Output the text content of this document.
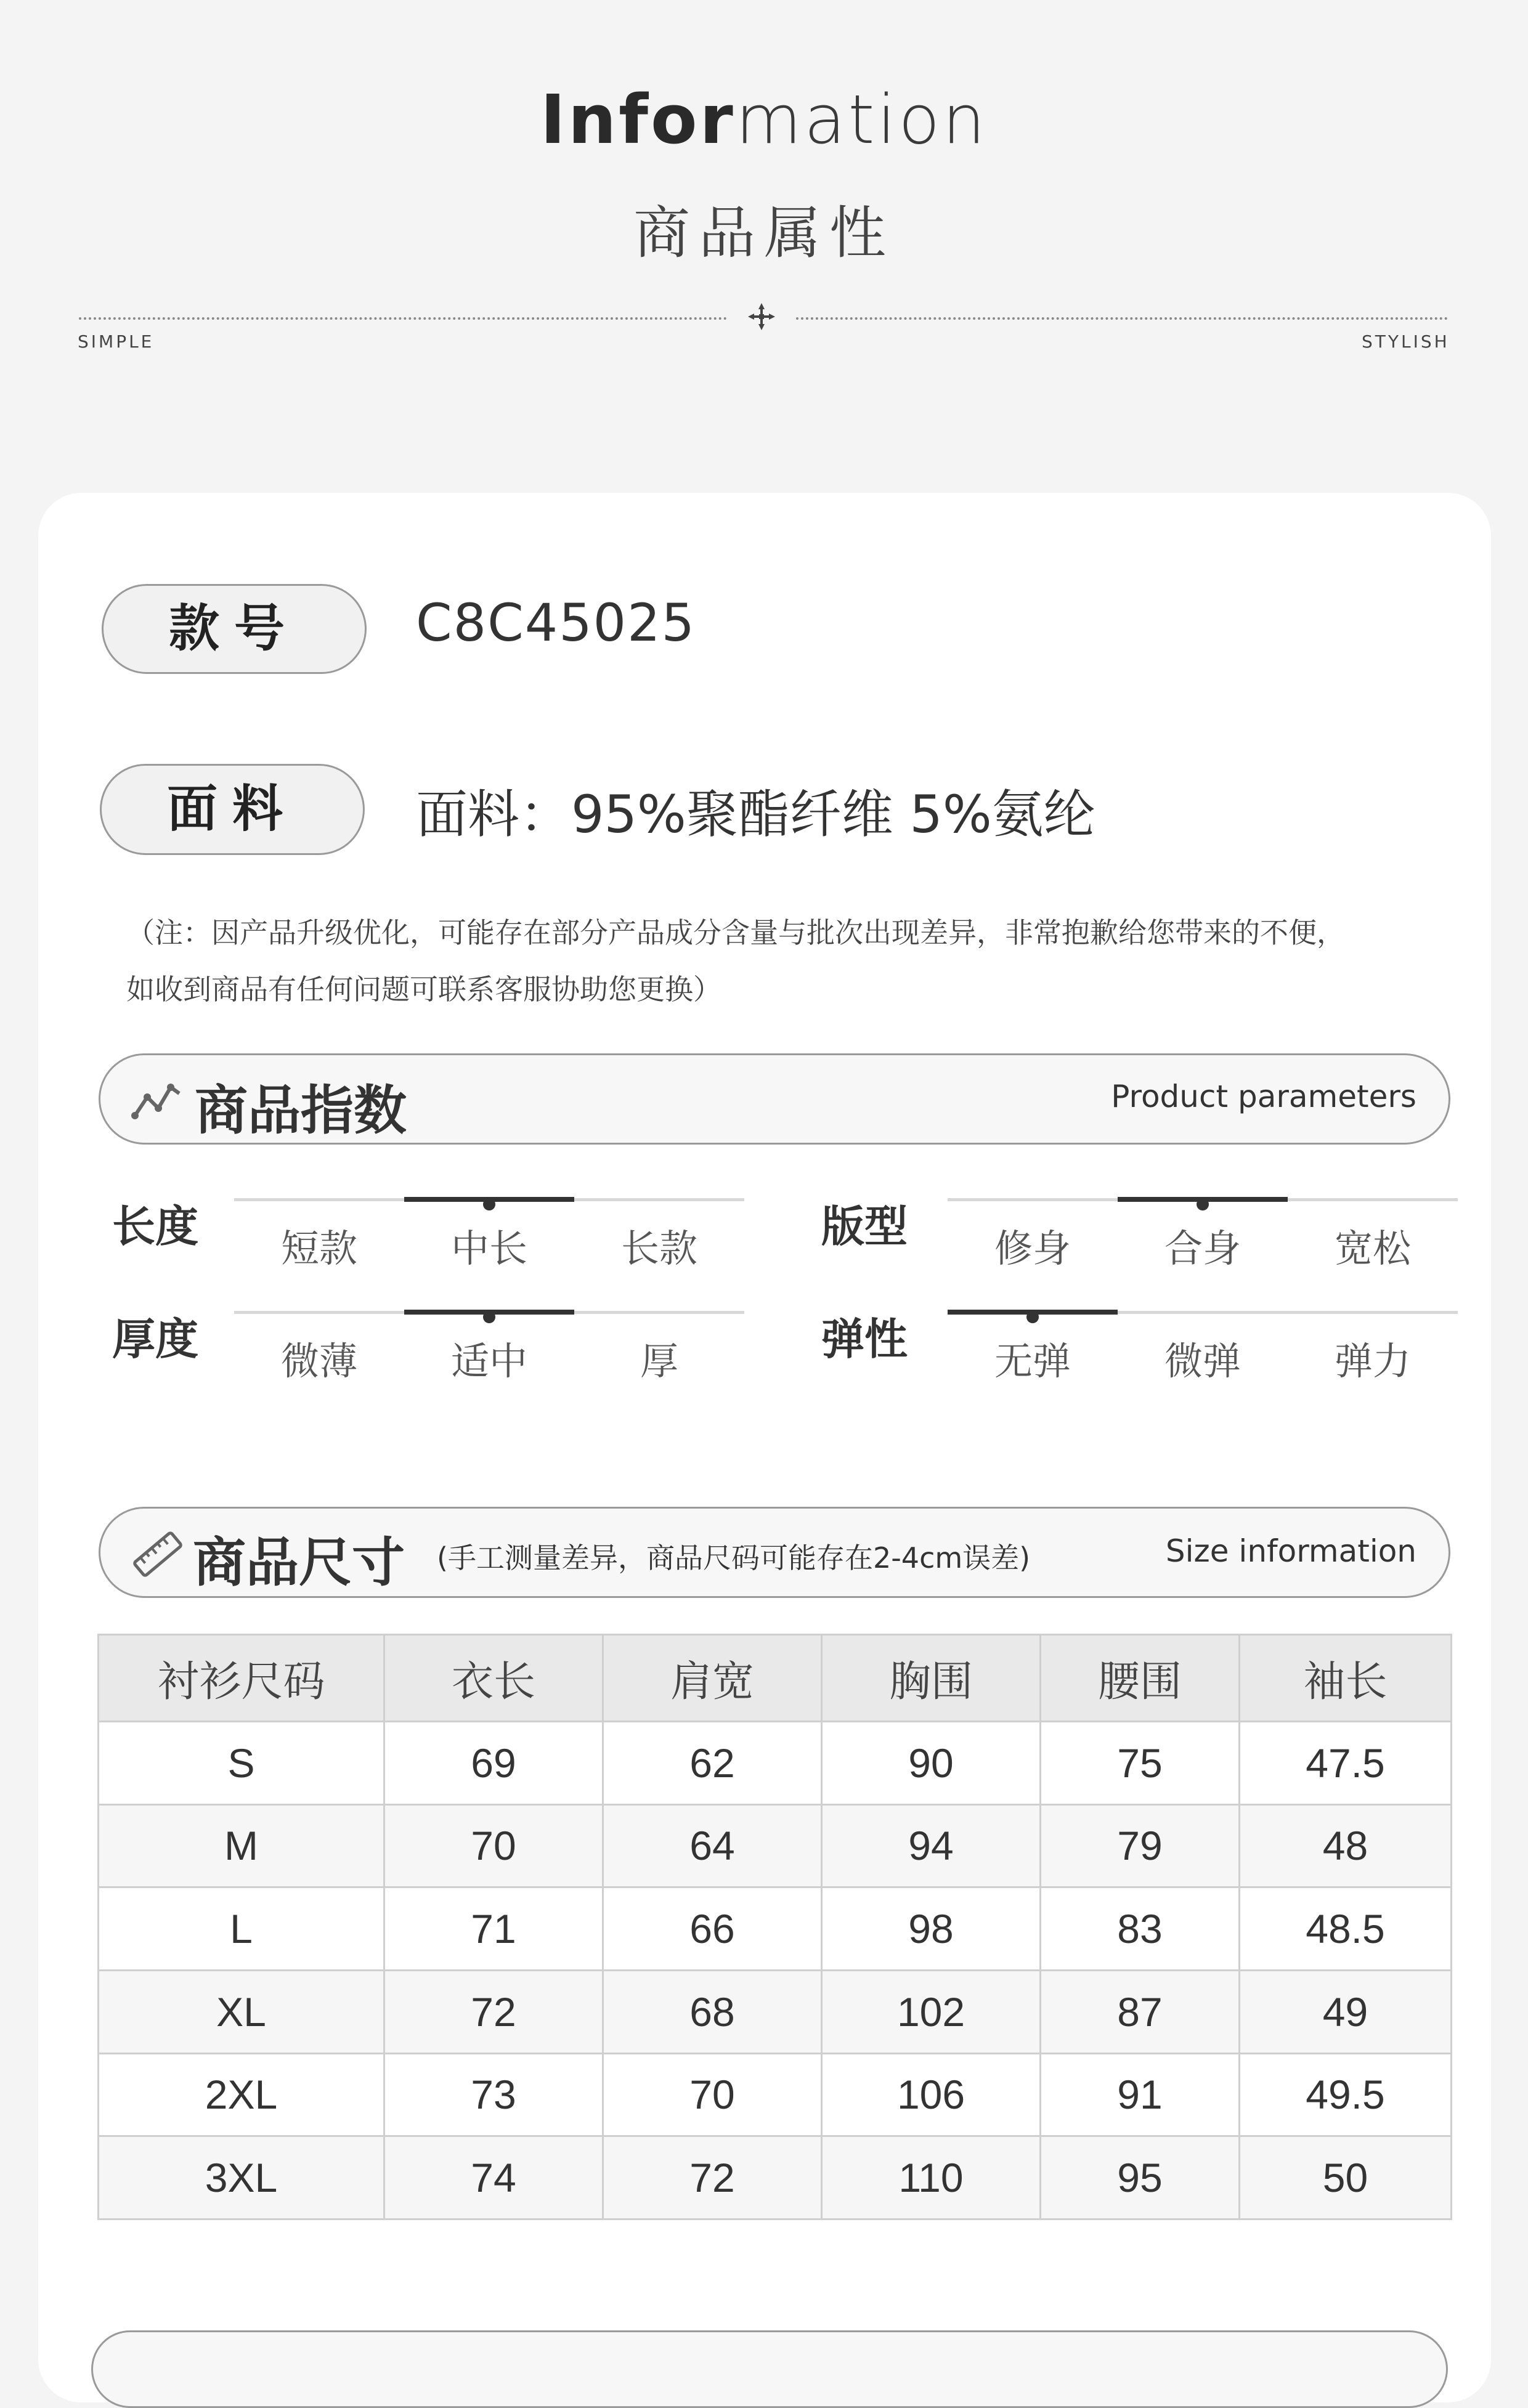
Information
商品属性
SIMPLE	STYLISH
款号	C8C45025
面料	面料：95%聚酯纤维 5%氨纶
（注：因产品升级优化，可能存在部分产品成分含量与批次出现差异，非常抱歉给您带来的不便，
如收到商品有任何问题可联系客服协助您更换）
商品指数	Product parameters
长度	短款	中长	长款	版型	修身	合身	宽松
厚度	微薄	适中	厚	弹性	无弹	微弹	弹力
商品尺寸 (手工测量差异，商品尺码可能存在2-4cm误差)	Size information
衬衫尺码	衣长	肩宽	胸围	腰围	袖长
S	69	62	90	75	47.5
M	70	64	94	79	48
L	71	66	98	83	48.5
XL	72	68	102	87	49
2XL	73	70	106	91	49.5
3XL	74	72	110	95	50
